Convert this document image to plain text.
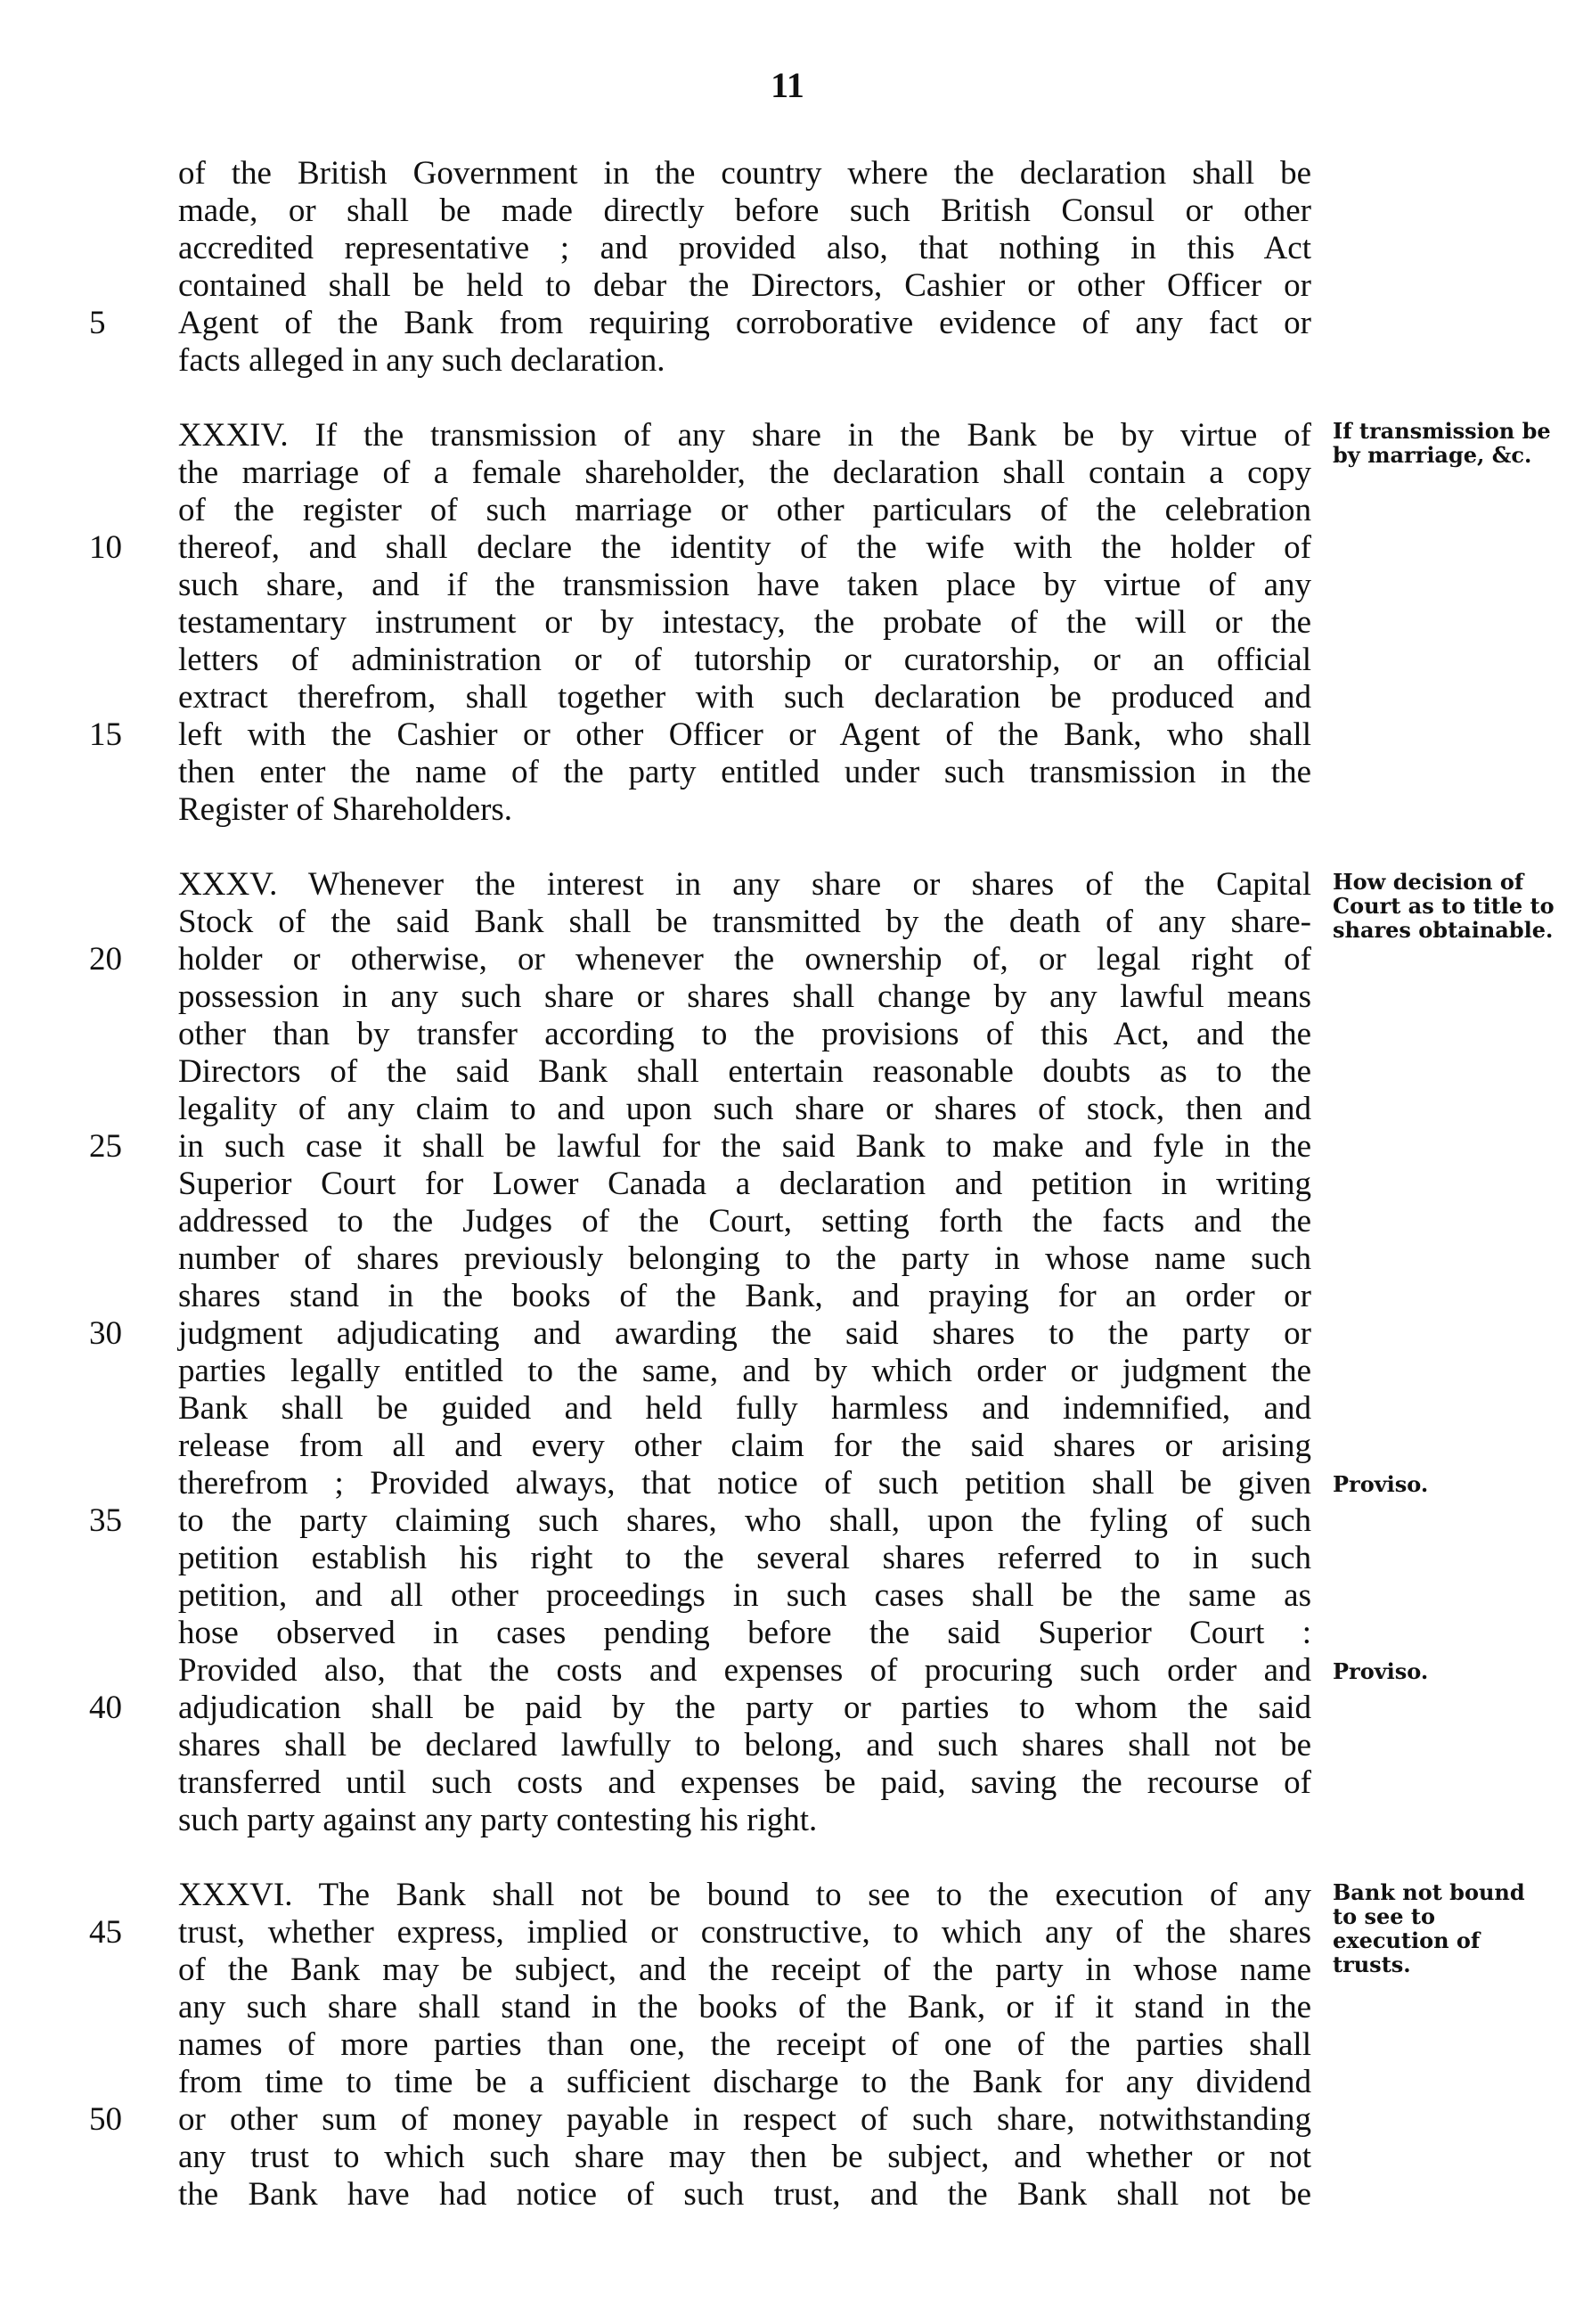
11
of the British Government in the country where the declaration shall be
made, or shall be made directly before such British Consul or other
accredited representative ; and provided also, that nothing in this Act
contained shall be held to debar the Directors, Cashier or other Officer or
Agent of the Bank from requiring corroborative evidence of any fact or
facts alleged in any such declaration.
5
XXXIV. If the transmission of any share in the Bank be by virtue of
the marriage of a female shareholder, the declaration shall contain a copy
of the register of such marriage or other particulars of the celebration
thereof, and shall declare the identity of the wife with the holder of
such share, and if the transmission have taken place by virtue of any
testamentary instrument or by intestacy, the probate of the will or the
letters of administration or of tutorship or curatorship, or an official
extract therefrom, shall together with such declaration be produced and
left with the Cashier or other Officer or Agent of the Bank, who shall
then enter the name of the party entitled under such transmission in the
Register of Shareholders.
10
15
If transmission be by marriage, &c.
XXXV. Whenever the interest in any share or shares of the Capital
Stock of the said Bank shall be transmitted by the death of any share-
holder or otherwise, or whenever the ownership of, or legal right of
possession in any such share or shares shall change by any lawful means
other than by transfer according to the provisions of this Act, and the
Directors of the said Bank shall entertain reasonable doubts as to the
legality of any claim to and upon such share or shares of stock, then and
in such case it shall be lawful for the said Bank to make and fyle in the
Superior Court for Lower Canada a declaration and petition in writing
addressed to the Judges of the Court, setting forth the facts and the
number of shares previously belonging to the party in whose name such
shares stand in the books of the Bank, and praying for an order or
judgment adjudicating and awarding the said shares to the party or
parties legally entitled to the same, and by which order or judgment the
Bank shall be guided and held fully harmless and indemnified, and
release from all and every other claim for the said shares or arising
therefrom ; Provided always, that notice of such petition shall be given
to the party claiming such shares, who shall, upon the fyling of such
petition establish his right to the several shares referred to in such
petition, and all other proceedings in such cases shall be the same as
hose observed in cases pending before the said Superior Court :
Provided also, that the costs and expenses of procuring such order and
adjudication shall be paid by the party or parties to whom the said
shares shall be declared lawfully to belong, and such shares shall not be
transferred until such costs and expenses be paid, saving the recourse of
such party against any party contesting his right.
20
25
30
35
40
How decision of Court as to title to shares obtainable.
Proviso.
Proviso.
XXXVI. The Bank shall not be bound to see to the execution of any
trust, whether express, implied or constructive, to which any of the shares
of the Bank may be subject, and the receipt of the party in whose name
any such share shall stand in the books of the Bank, or if it stand in the
names of more parties than one, the receipt of one of the parties shall
from time to time be a sufficient discharge to the Bank for any dividend
or other sum of money payable in respect of such share, notwithstanding
any trust to which such share may then be subject, and whether or not
the Bank have had notice of such trust, and the Bank shall not be
45
50
Bank not bound to see to execution of trusts.
